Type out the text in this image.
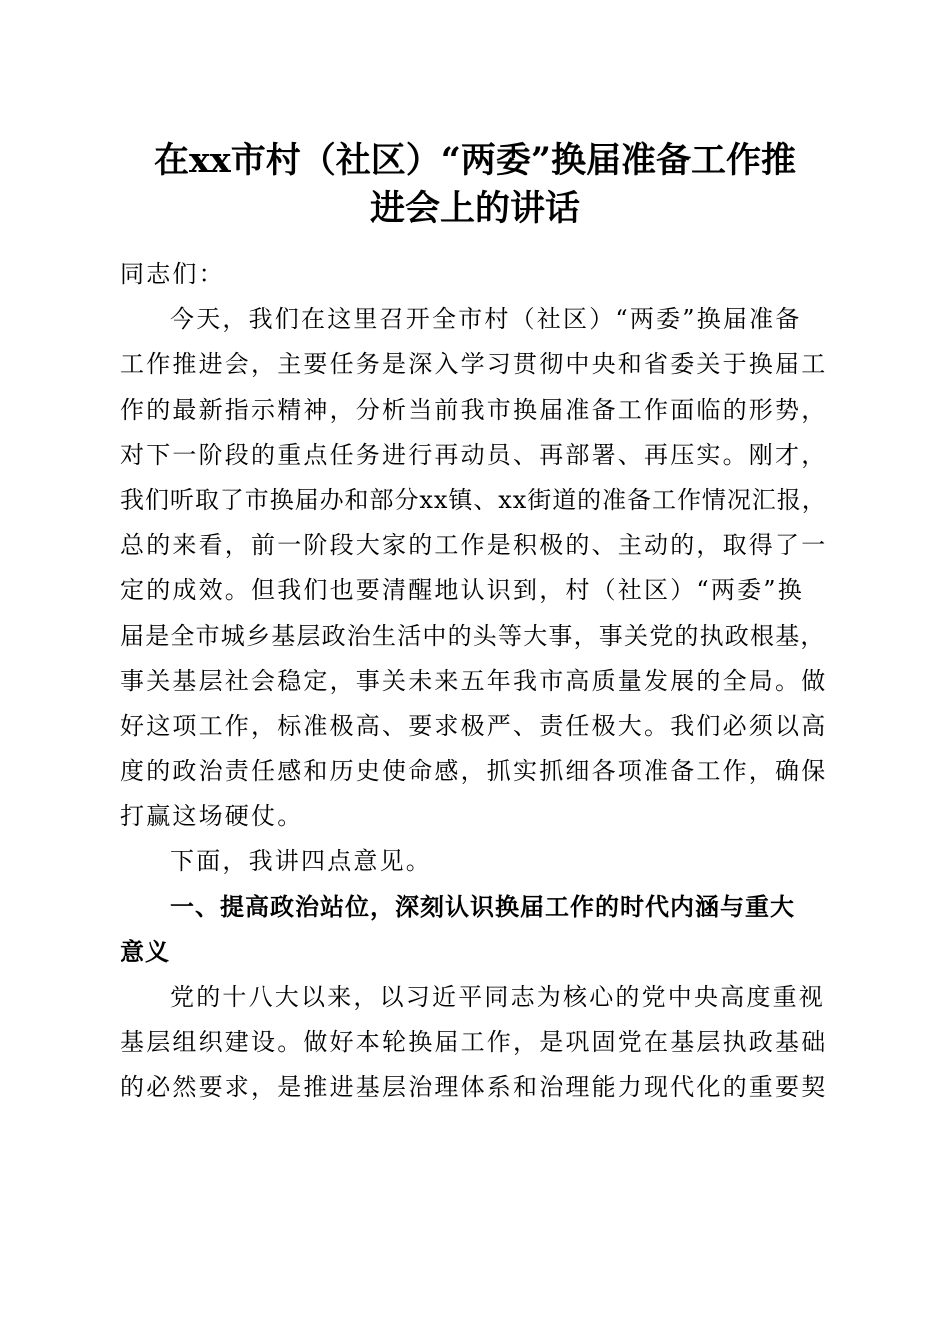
在xx市村（社区）“两委”换届准备工作推
进会上的讲话
同志们：
今天，我们在这里召开全市村（社区）“两委”换届准备
工作推进会，主要任务是深入学习贯彻中央和省委关于换届工
作的最新指示精神，分析当前我市换届准备工作面临的形势，
对下一阶段的重点任务进行再动员、再部署、再压实。刚才，
我们听取了市换届办和部分xx镇、xx街道的准备工作情况汇报，
总的来看，前一阶段大家的工作是积极的、主动的，取得了一
定的成效。但我们也要清醒地认识到，村（社区）“两委”换
届是全市城乡基层政治生活中的头等大事，事关党的执政根基，
事关基层社会稳定，事关未来五年我市高质量发展的全局。做
好这项工作，标准极高、要求极严、责任极大。我们必须以高
度的政治责任感和历史使命感，抓实抓细各项准备工作，确保
打赢这场硬仗。
下面，我讲四点意见。
一、提高政治站位，深刻认识换届工作的时代内涵与重大
意义
党的十八大以来，以习近平同志为核心的党中央高度重视
基层组织建设。做好本轮换届工作，是巩固党在基层执政基础
的必然要求，是推进基层治理体系和治理能力现代化的重要契
